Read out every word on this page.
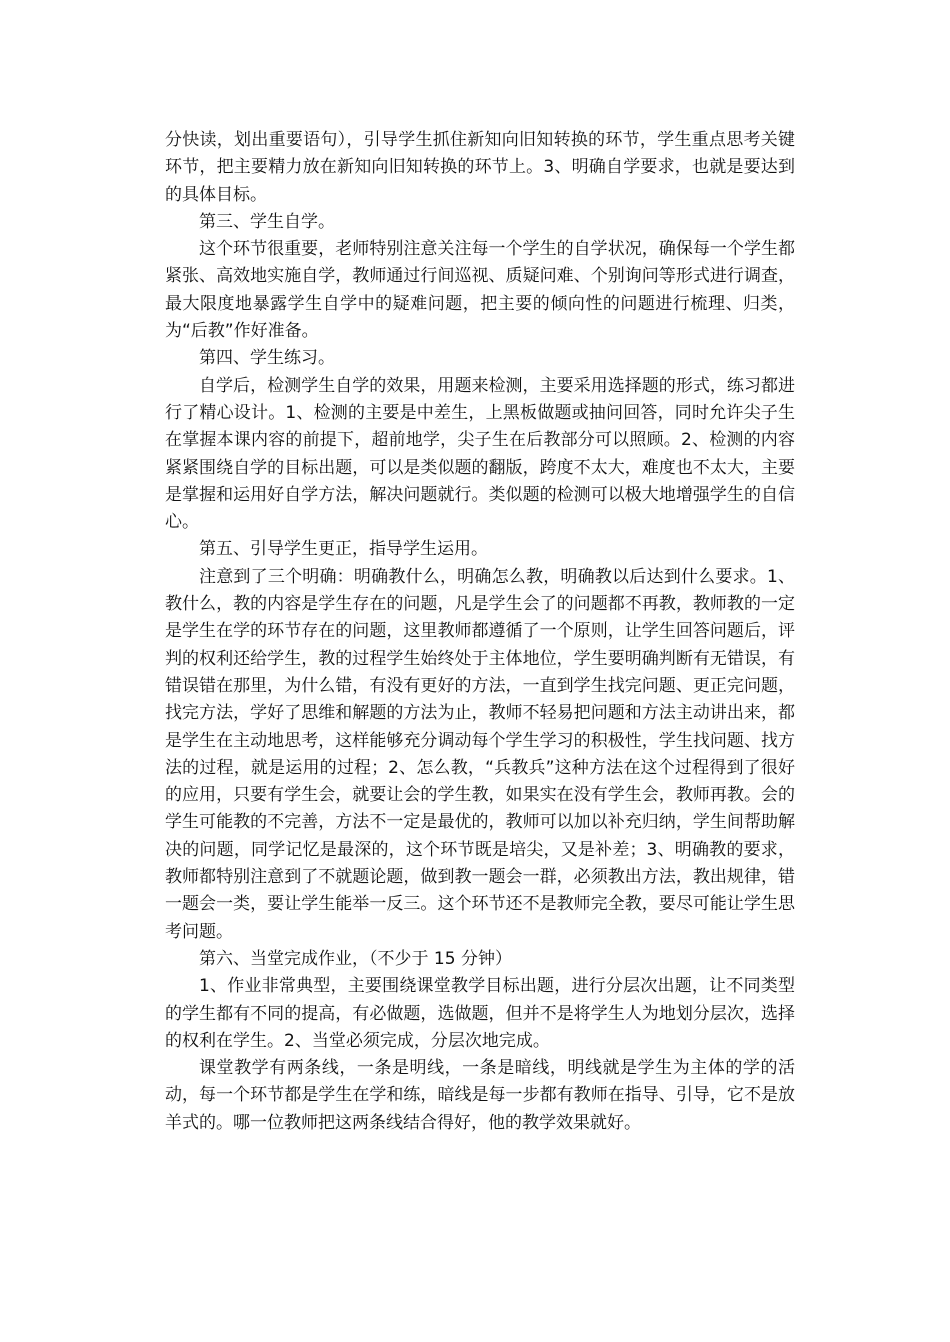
分快读，划出重要语句），引导学生抓住新知向旧知转换的环节，学生重点思考关键环节，把主要精力放在新知向旧知转换的环节上。3、明确自学要求，也就是要达到的具体目标。

第三、学生自学。

这个环节很重要，老师特别注意关注每一个学生的自学状况，确保每一个学生都紧张、高效地实施自学，教师通过行间巡视、质疑问难、个别询问等形式进行调查，最大限度地暴露学生自学中的疑难问题，把主要的倾向性的问题进行梳理、归类，为“后教”作好准备。

第四、学生练习。

自学后，检测学生自学的效果，用题来检测，主要采用选择题的形式，练习都进行了精心设计。1、检测的主要是中差生，上黑板做题或抽问回答，同时允许尖子生在掌握本课内容的前提下，超前地学，尖子生在后教部分可以照顾。2、检测的内容紧紧围绕自学的目标出题，可以是类似题的翻版，跨度不太大，难度也不太大，主要是掌握和运用好自学方法，解决问题就行。类似题的检测可以极大地增强学生的自信心。

第五、引导学生更正，指导学生运用。

注意到了三个明确：明确教什么，明确怎么教，明确教以后达到什么要求。1、教什么，教的内容是学生存在的问题，凡是学生会了的问题都不再教，教师教的一定是学生在学的环节存在的问题，这里教师都遵循了一个原则，让学生回答问题后，评判的权利还给学生，教的过程学生始终处于主体地位，学生要明确判断有无错误，有错误错在那里，为什么错，有没有更好的方法，一直到学生找完问题、更正完问题，找完方法，学好了思维和解题的方法为止，教师不轻易把问题和方法主动讲出来，都是学生在主动地思考，这样能够充分调动每个学生学习的积极性，学生找问题、找方法的过程，就是运用的过程；2、怎么教，“兵教兵”这种方法在这个过程得到了很好的应用，只要有学生会，就要让会的学生教，如果实在没有学生会，教师再教。会的学生可能教的不完善，方法不一定是最优的，教师可以加以补充归纳，学生间帮助解决的问题，同学记忆是最深的，这个环节既是培尖，又是补差；3、明确教的要求，教师都特别注意到了不就题论题，做到教一题会一群，必须教出方法，教出规律，错一题会一类，要让学生能举一反三。这个环节还不是教师完全教，要尽可能让学生思考问题。

第六、当堂完成作业，（不少于 15 分钟）

1、作业非常典型，主要围绕课堂教学目标出题，进行分层次出题，让不同类型的学生都有不同的提高，有必做题，选做题，但并不是将学生人为地划分层次，选择的权利在学生。2、当堂必须完成，分层次地完成。

课堂教学有两条线，一条是明线，一条是暗线，明线就是学生为主体的学的活动，每一个环节都是学生在学和练，暗线是每一步都有教师在指导、引导，它不是放羊式的。哪一位教师把这两条线结合得好，他的教学效果就好。
